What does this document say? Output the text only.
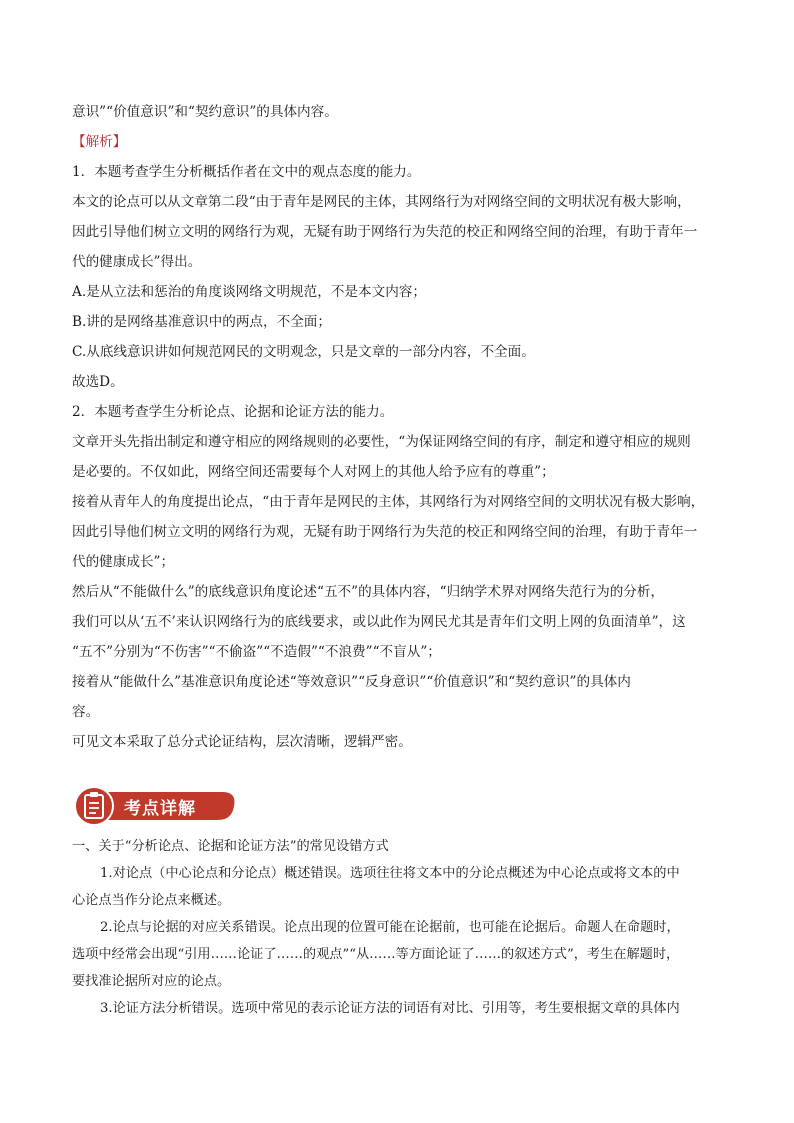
意识”“价值意识”和“契约意识”的具体内容。
【解析】
1．本题考查学生分析概括作者在文中的观点态度的能力。
本文的论点可以从文章第二段“由于青年是网民的主体，其网络行为对网络空间的文明状况有极大影响，
因此引导他们树立文明的网络行为观，无疑有助于网络行为失范的校正和网络空间的治理，有助于青年一
代的健康成长”得出。
A.是从立法和惩治的角度谈网络文明规范，不是本文内容；
B.讲的是网络基准意识中的两点，不全面；
C.从底线意识讲如何规范网民的文明观念，只是文章的一部分内容，不全面。
故选D。
2．本题考查学生分析论点、论据和论证方法的能力。
文章开头先指出制定和遵守相应的网络规则的必要性，“为保证网络空间的有序，制定和遵守相应的规则
是必要的。不仅如此，网络空间还需要每个人对网上的其他人给予应有的尊重”；
接着从青年人的角度提出论点，“由于青年是网民的主体，其网络行为对网络空间的文明状况有极大影响，
因此引导他们树立文明的网络行为观，无疑有助于网络行为失范的校正和网络空间的治理，有助于青年一
代的健康成长”；
然后从“不能做什么”的底线意识角度论述“五不”的具体内容，“归纳学术界对网络失范行为的分析，
我们可以从‘五不’来认识网络行为的底线要求，或以此作为网民尤其是青年们文明上网的负面清单”，这
“五不”分别为“不伤害”“不偷盗”“不造假”“不浪费”“不盲从”；
接着从“能做什么”基准意识角度论述“等效意识”“反身意识”“价值意识”和“契约意识”的具体内
容。
可见文本采取了总分式论证结构，层次清晰，逻辑严密。
考点详解
一、关于“分析论点、论据和论证方法”的常见设错方式
1.对论点（中心论点和分论点）概述错误。选项往往将文本中的分论点概述为中心论点或将文本的中
心论点当作分论点来概述。
2.论点与论据的对应关系错误。论点出现的位置可能在论据前，也可能在论据后。命题人在命题时，
选项中经常会出现“引用……论证了……的观点”“从……等方面论证了……的叙述方式”，考生在解题时，
要找准论据所对应的论点。
3.论证方法分析错误。选项中常见的表示论证方法的词语有对比、引用等，考生要根据文章的具体内
